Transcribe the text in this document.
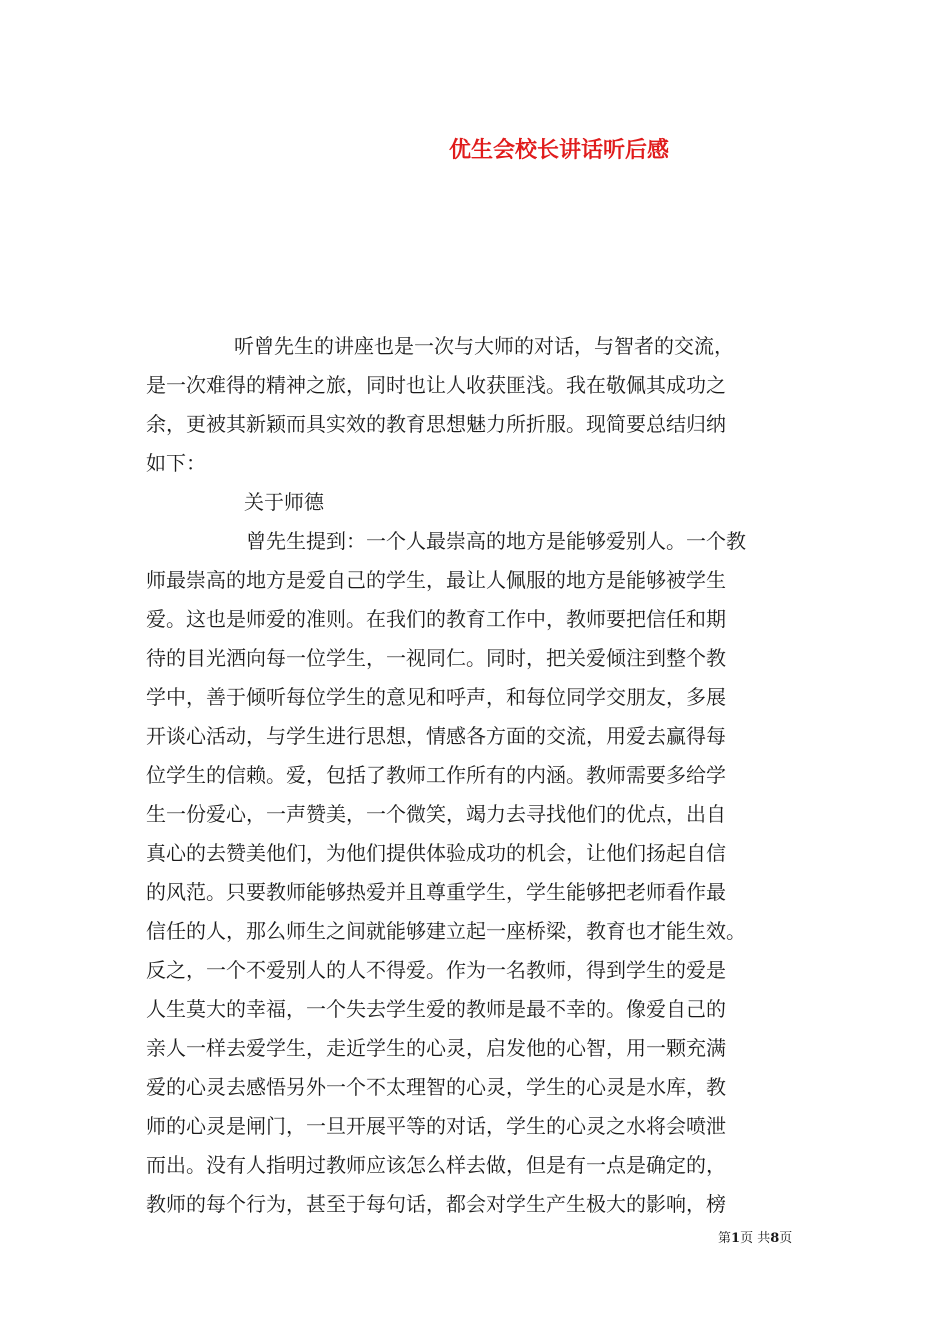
优生会校长讲话听后感
听曾先生的讲座也是一次与大师的对话，与智者的交流，
是一次难得的精神之旅，同时也让人收获匪浅。我在敬佩其成功之
余，更被其新颖而具实效的教育思想魅力所折服。现简要总结归纳
如下：
关于师德
曾先生提到：一个人最崇高的地方是能够爱别人。一个教
师最崇高的地方是爱自己的学生，最让人佩服的地方是能够被学生
爱。这也是师爱的准则。在我们的教育工作中，教师要把信任和期
待的目光洒向每一位学生，一视同仁。同时，把关爱倾注到整个教
学中，善于倾听每位学生的意见和呼声，和每位同学交朋友，多展
开谈心活动，与学生进行思想，情感各方面的交流，用爱去赢得每
位学生的信赖。爱，包括了教师工作所有的内涵。教师需要多给学
生一份爱心，一声赞美，一个微笑，竭力去寻找他们的优点，出自
真心的去赞美他们，为他们提供体验成功的机会，让他们扬起自信
的风范。只要教师能够热爱并且尊重学生，学生能够把老师看作最
信任的人，那么师生之间就能够建立起一座桥梁，教育也才能生效。
反之，一个不爱别人的人不得爱。作为一名教师，得到学生的爱是
人生莫大的幸福，一个失去学生爱的教师是最不幸的。像爱自己的
亲人一样去爱学生，走近学生的心灵，启发他的心智，用一颗充满
爱的心灵去感悟另外一个不太理智的心灵，学生的心灵是水库，教
师的心灵是闸门，一旦开展平等的对话，学生的心灵之水将会喷泄
而出。没有人指明过教师应该怎么样去做，但是有一点是确定的，
教师的每个行为，甚至于每句话，都会对学生产生极大的影响，榜
第1页 共8页
